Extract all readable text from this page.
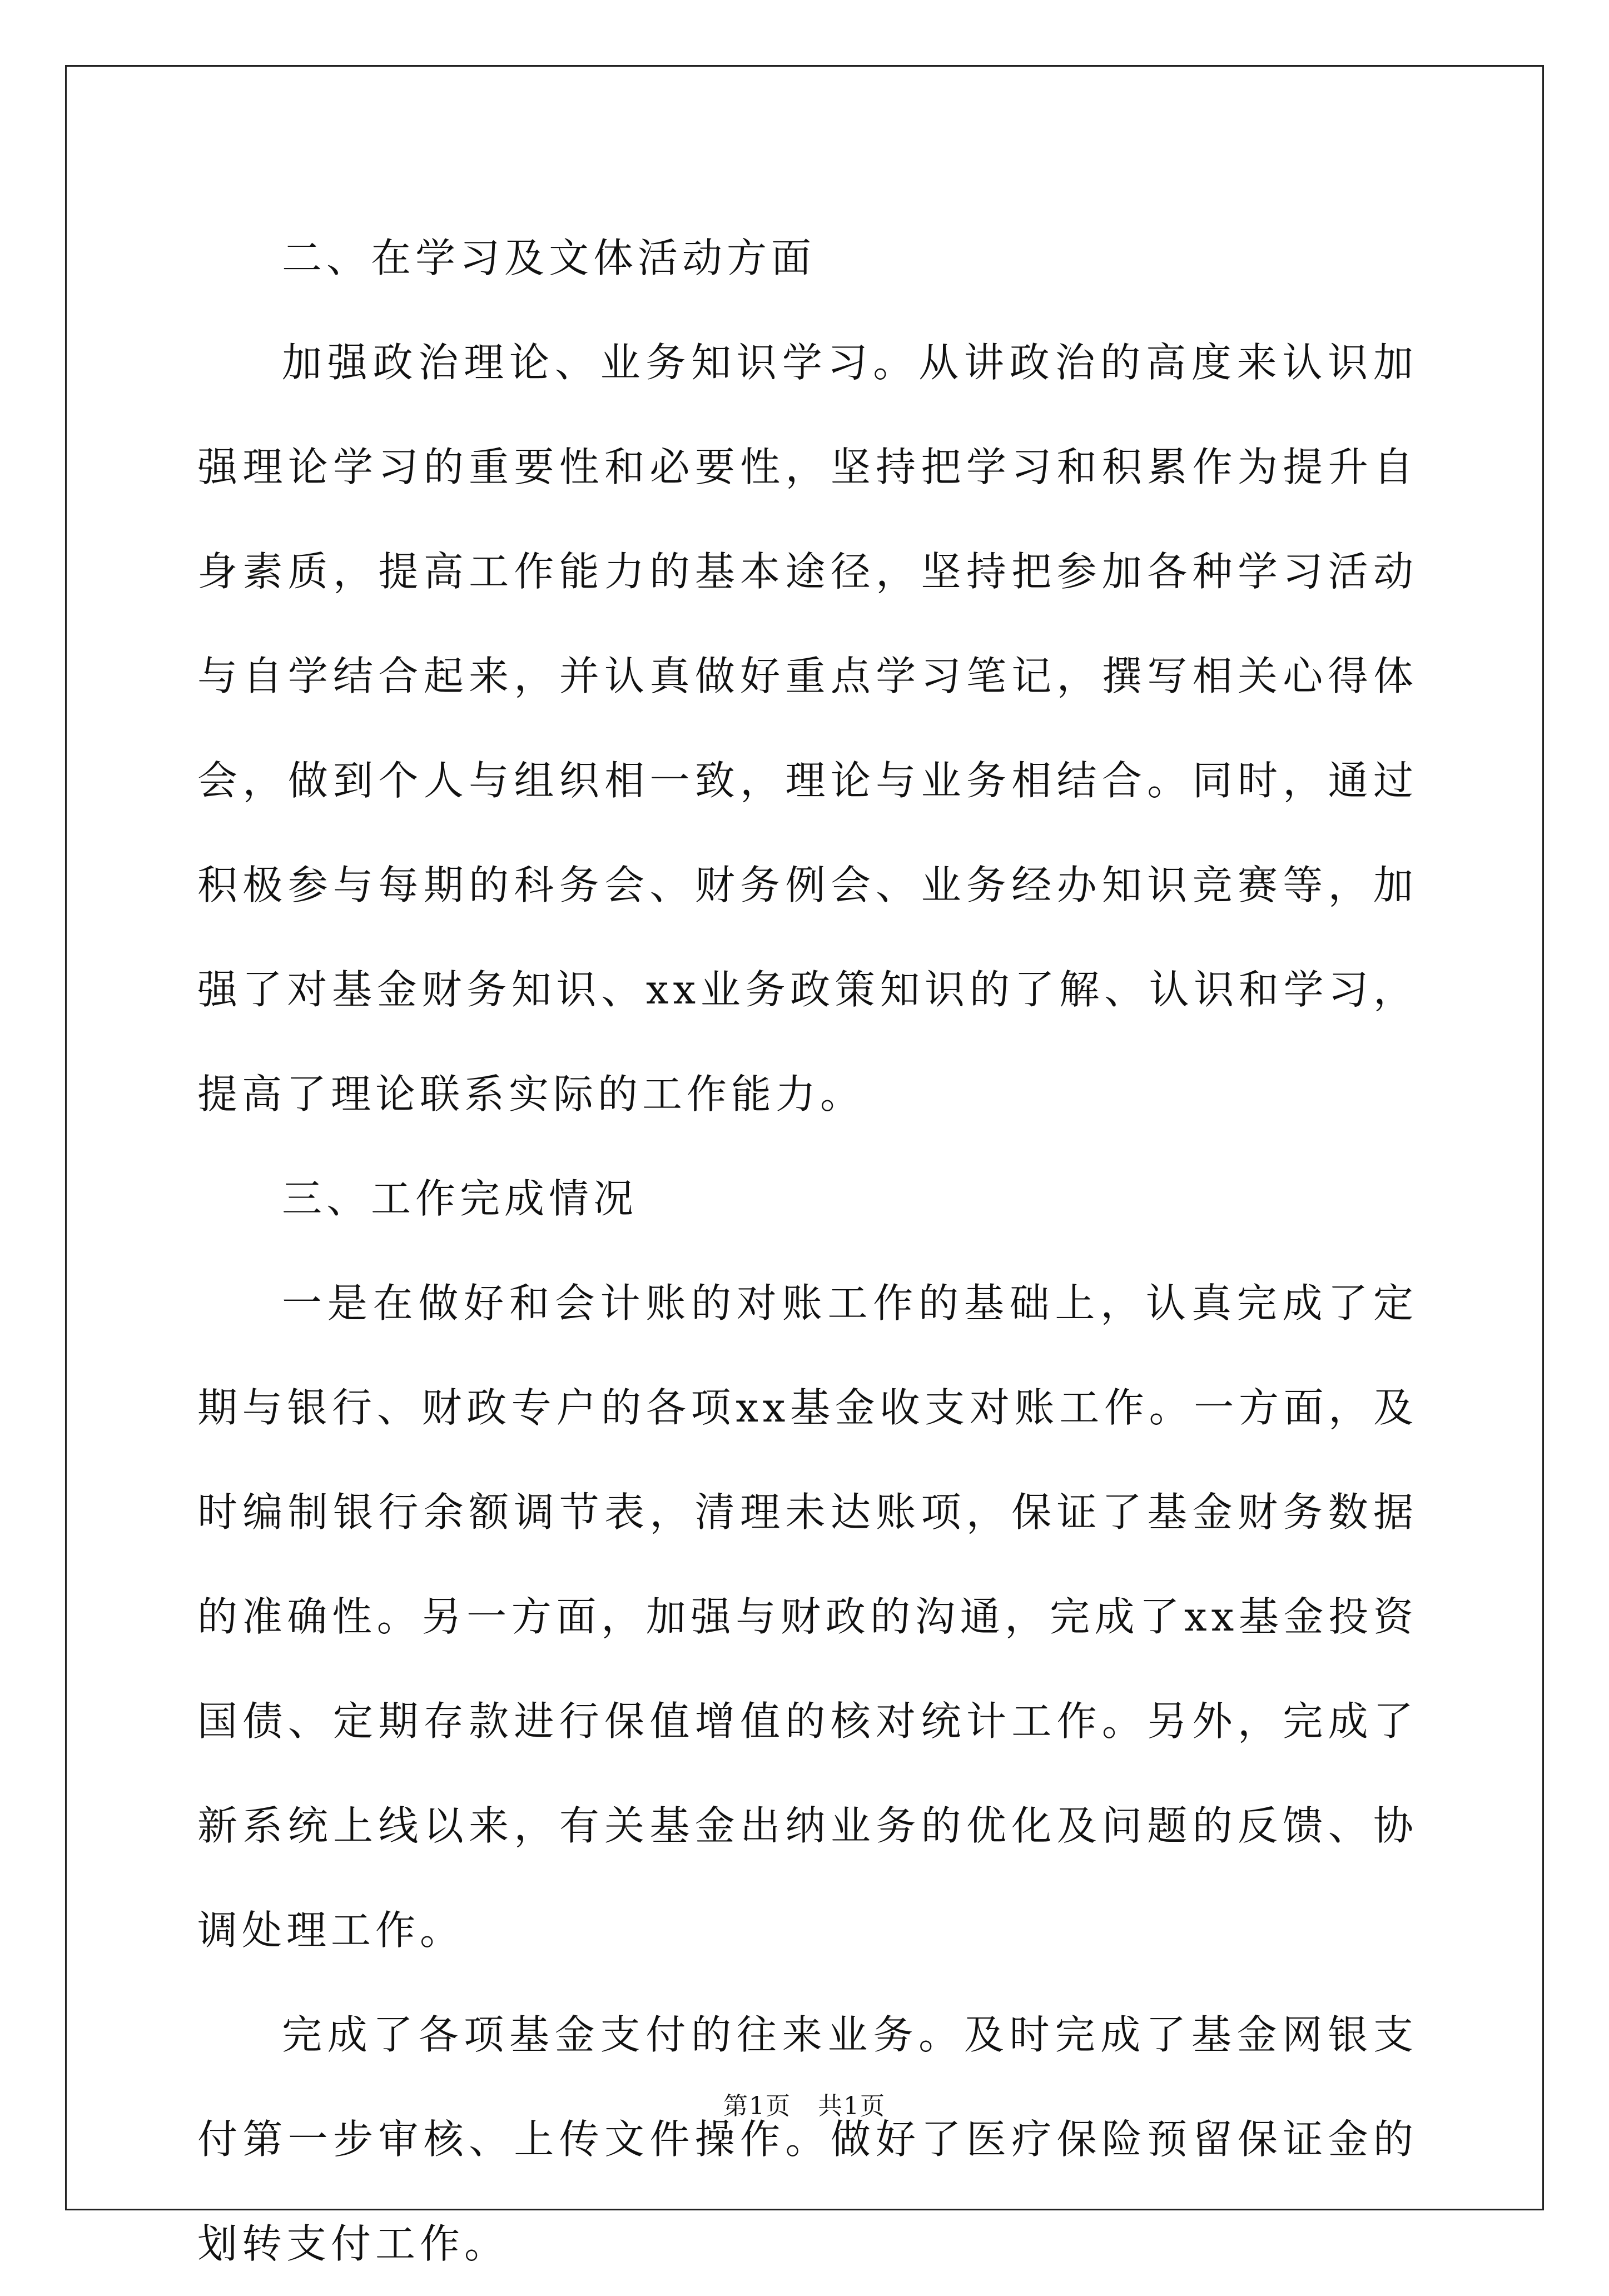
二、在学习及文体活动方面

加强政治理论、业务知识学习。从讲政治的高度来认识加强理论学习的重要性和必要性，坚持把学习和积累作为提升自身素质，提高工作能力的基本途径，坚持把参加各种学习活动与自学结合起来，并认真做好重点学习笔记，撰写相关心得体会，做到个人与组织相一致，理论与业务相结合。同时，通过积极参与每期的科务会、财务例会、业务经办知识竞赛等，加强了对基金财务知识、xx业务政策知识的了解、认识和学习，提高了理论联系实际的工作能力。

三、工作完成情况

一是在做好和会计账的对账工作的基础上，认真完成了定期与银行、财政专户的各项xx基金收支对账工作。一方面，及时编制银行余额调节表，清理未达账项，保证了基金财务数据的准确性。另一方面，加强与财政的沟通，完成了xx基金投资国债、定期存款进行保值增值的核对统计工作。另外，完成了新系统上线以来，有关基金出纳业务的优化及问题的反馈、协调处理工作。

完成了各项基金支付的往来业务。及时完成了基金网银支付第一步审核、上传文件操作。做好了医疗保险预留保证金的划转支付工作。

第1页 共1页
